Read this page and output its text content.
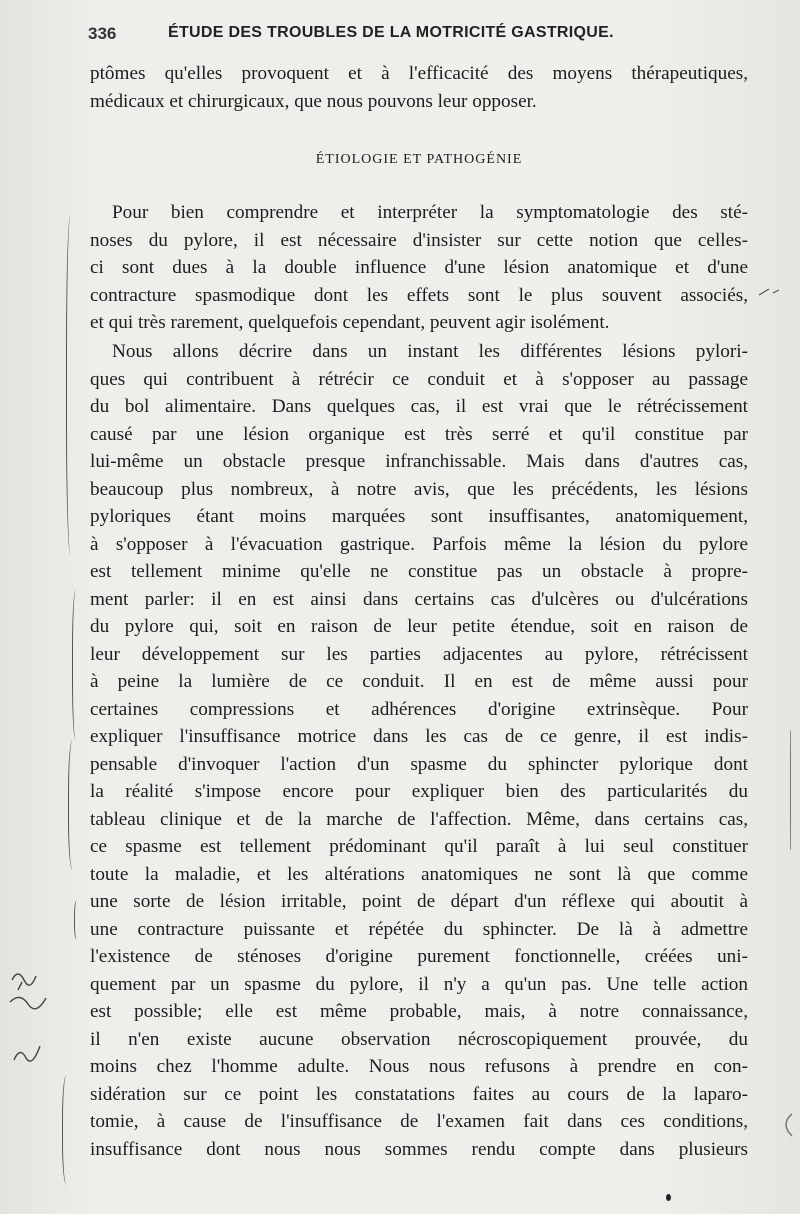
336	ÉTUDE DES TROUBLES DE LA MOTRICITÉ GASTRIQUE.
ptômes qu'elles provoquent et à l'efficacité des moyens thérapeutiques,
médicaux et chirurgicaux, que nous pouvons leur opposer.
ÉTIOLOGIE ET PATHOGÉNIE
Pour bien comprendre et interpréter la symptomatologie des sté-
noses du pylore, il est nécessaire d'insister sur cette notion que celles-
ci sont dues à la double influence d'une lésion anatomique et d'une
contracture spasmodique dont les effets sont le plus souvent associés,
et qui très rarement, quelquefois cependant, peuvent agir isolément.
Nous allons décrire dans un instant les différentes lésions pylori-
ques qui contribuent à rétrécir ce conduit et à s'opposer au passage
du bol alimentaire. Dans quelques cas, il est vrai que le rétrécissement
causé par une lésion organique est très serré et qu'il constitue par
lui-même un obstacle presque infranchissable. Mais dans d'autres cas,
beaucoup plus nombreux, à notre avis, que les précédents, les lésions
pyloriques étant moins marquées sont insuffisantes, anatomiquement,
à s'opposer à l'évacuation gastrique. Parfois même la lésion du pylore
est tellement minime qu'elle ne constitue pas un obstacle à propre-
ment parler: il en est ainsi dans certains cas d'ulcères ou d'ulcérations
du pylore qui, soit en raison de leur petite étendue, soit en raison de
leur développement sur les parties adjacentes au pylore, rétrécissent
à peine la lumière de ce conduit. Il en est de même aussi pour
certaines compressions et adhérences d'origine extrinsèque. Pour
expliquer l'insuffisance motrice dans les cas de ce genre, il est indis-
pensable d'invoquer l'action d'un spasme du sphincter pylorique dont
la réalité s'impose encore pour expliquer bien des particularités du
tableau clinique et de la marche de l'affection. Même, dans certains cas,
ce spasme est tellement prédominant qu'il paraît à lui seul constituer
toute la maladie, et les altérations anatomiques ne sont là que comme
une sorte de lésion irritable, point de départ d'un réflexe qui aboutit à
une contracture puissante et répétée du sphincter. De là à admettre
l'existence de sténoses d'origine purement fonctionnelle, créées uni-
quement par un spasme du pylore, il n'y a qu'un pas. Une telle action
est possible; elle est même probable, mais, à notre connaissance,
il n'en existe aucune observation nécroscopiquement prouvée, du
moins chez l'homme adulte. Nous nous refusons à prendre en con-
sidération sur ce point les constatations faites au cours de la laparo-
tomie, à cause de l'insuffisance de l'examen fait dans ces conditions,
insuffisance dont nous nous sommes rendu compte dans plusieurs
